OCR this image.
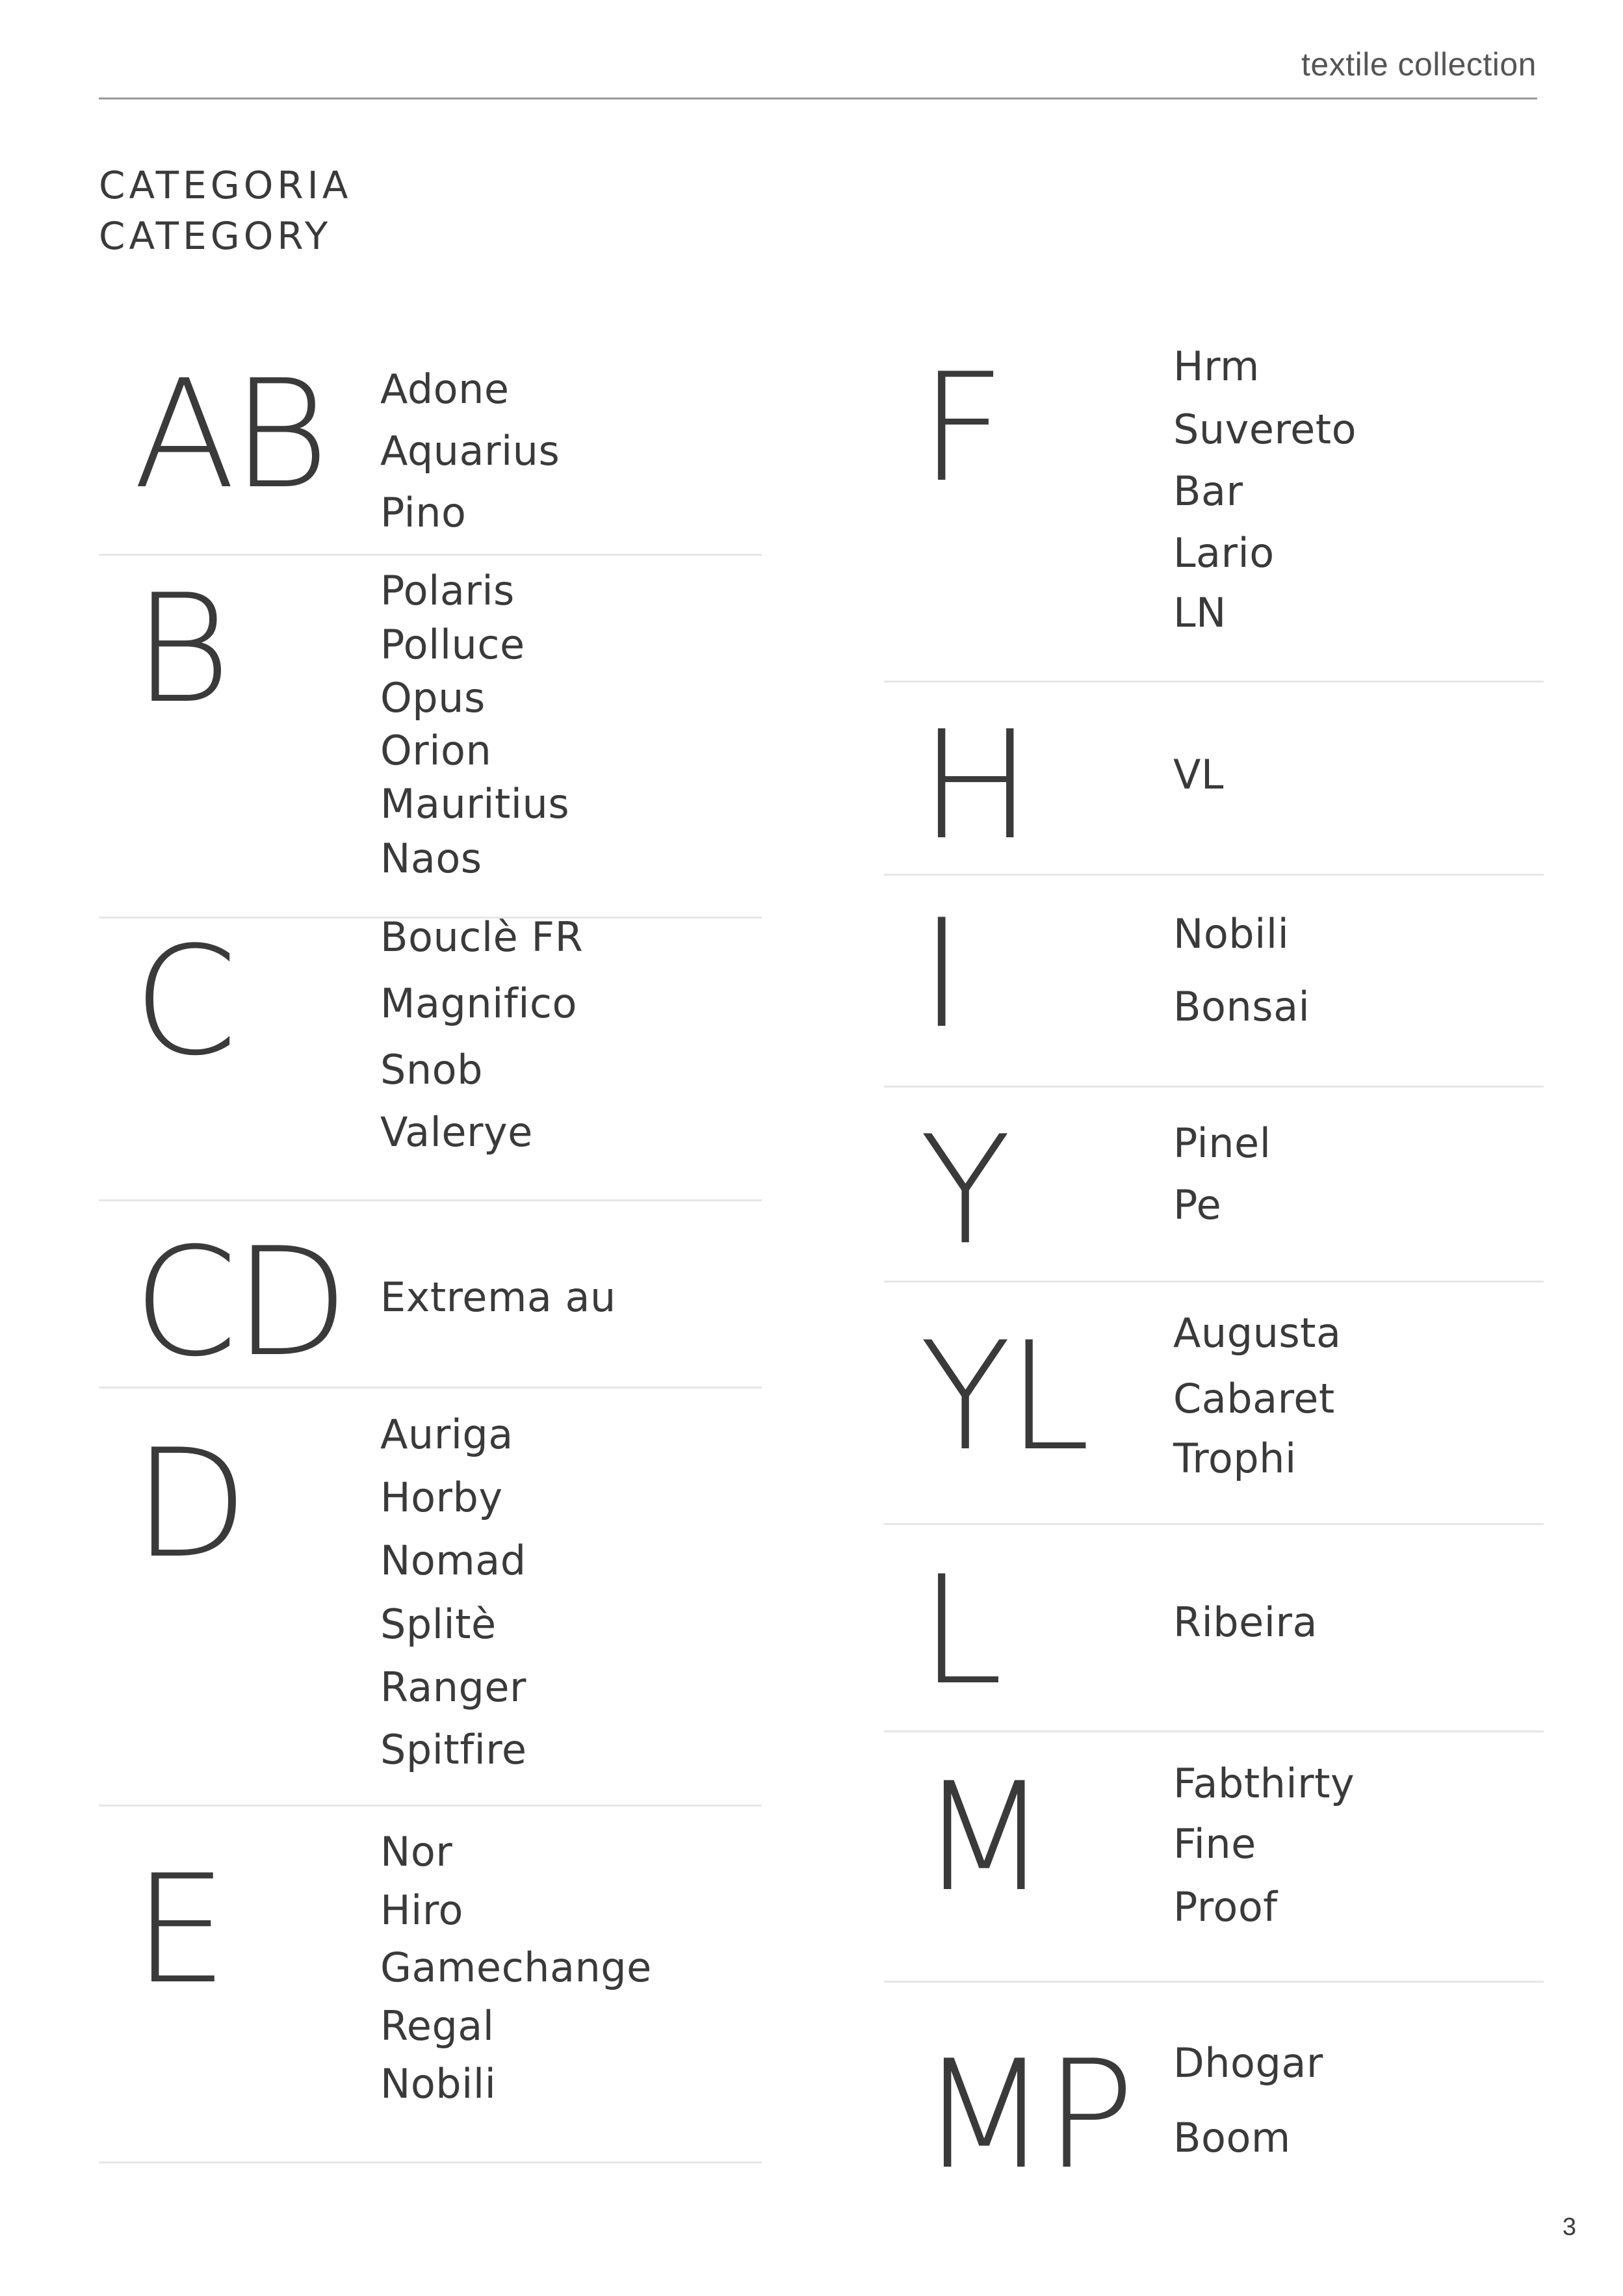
textile collection
CATEGORIA
CATEGORY
AB Adone
Aquarius
Pino
B	Polaris
Polluce
Opus
Orion
Mauritius
Naos
C	Bouclè FR
Magnifico
Snob
Valerye
CD Extrema au
D	Auriga
Horby
Nomad
Splitè
Ranger
Spitfire
E	Nor
Hiro
Gamechange
Regal
Nobili
F	Hrm
Suvereto
Bar
Lario
LN
H	VL
I	Nobili
Bonsai
Y	Pinel
Pe
YL Augusta
Cabaret
Trophi
L	Ribeira
M	Fabthirty
Fine
Proof
MP Dhogar
Boom
3
